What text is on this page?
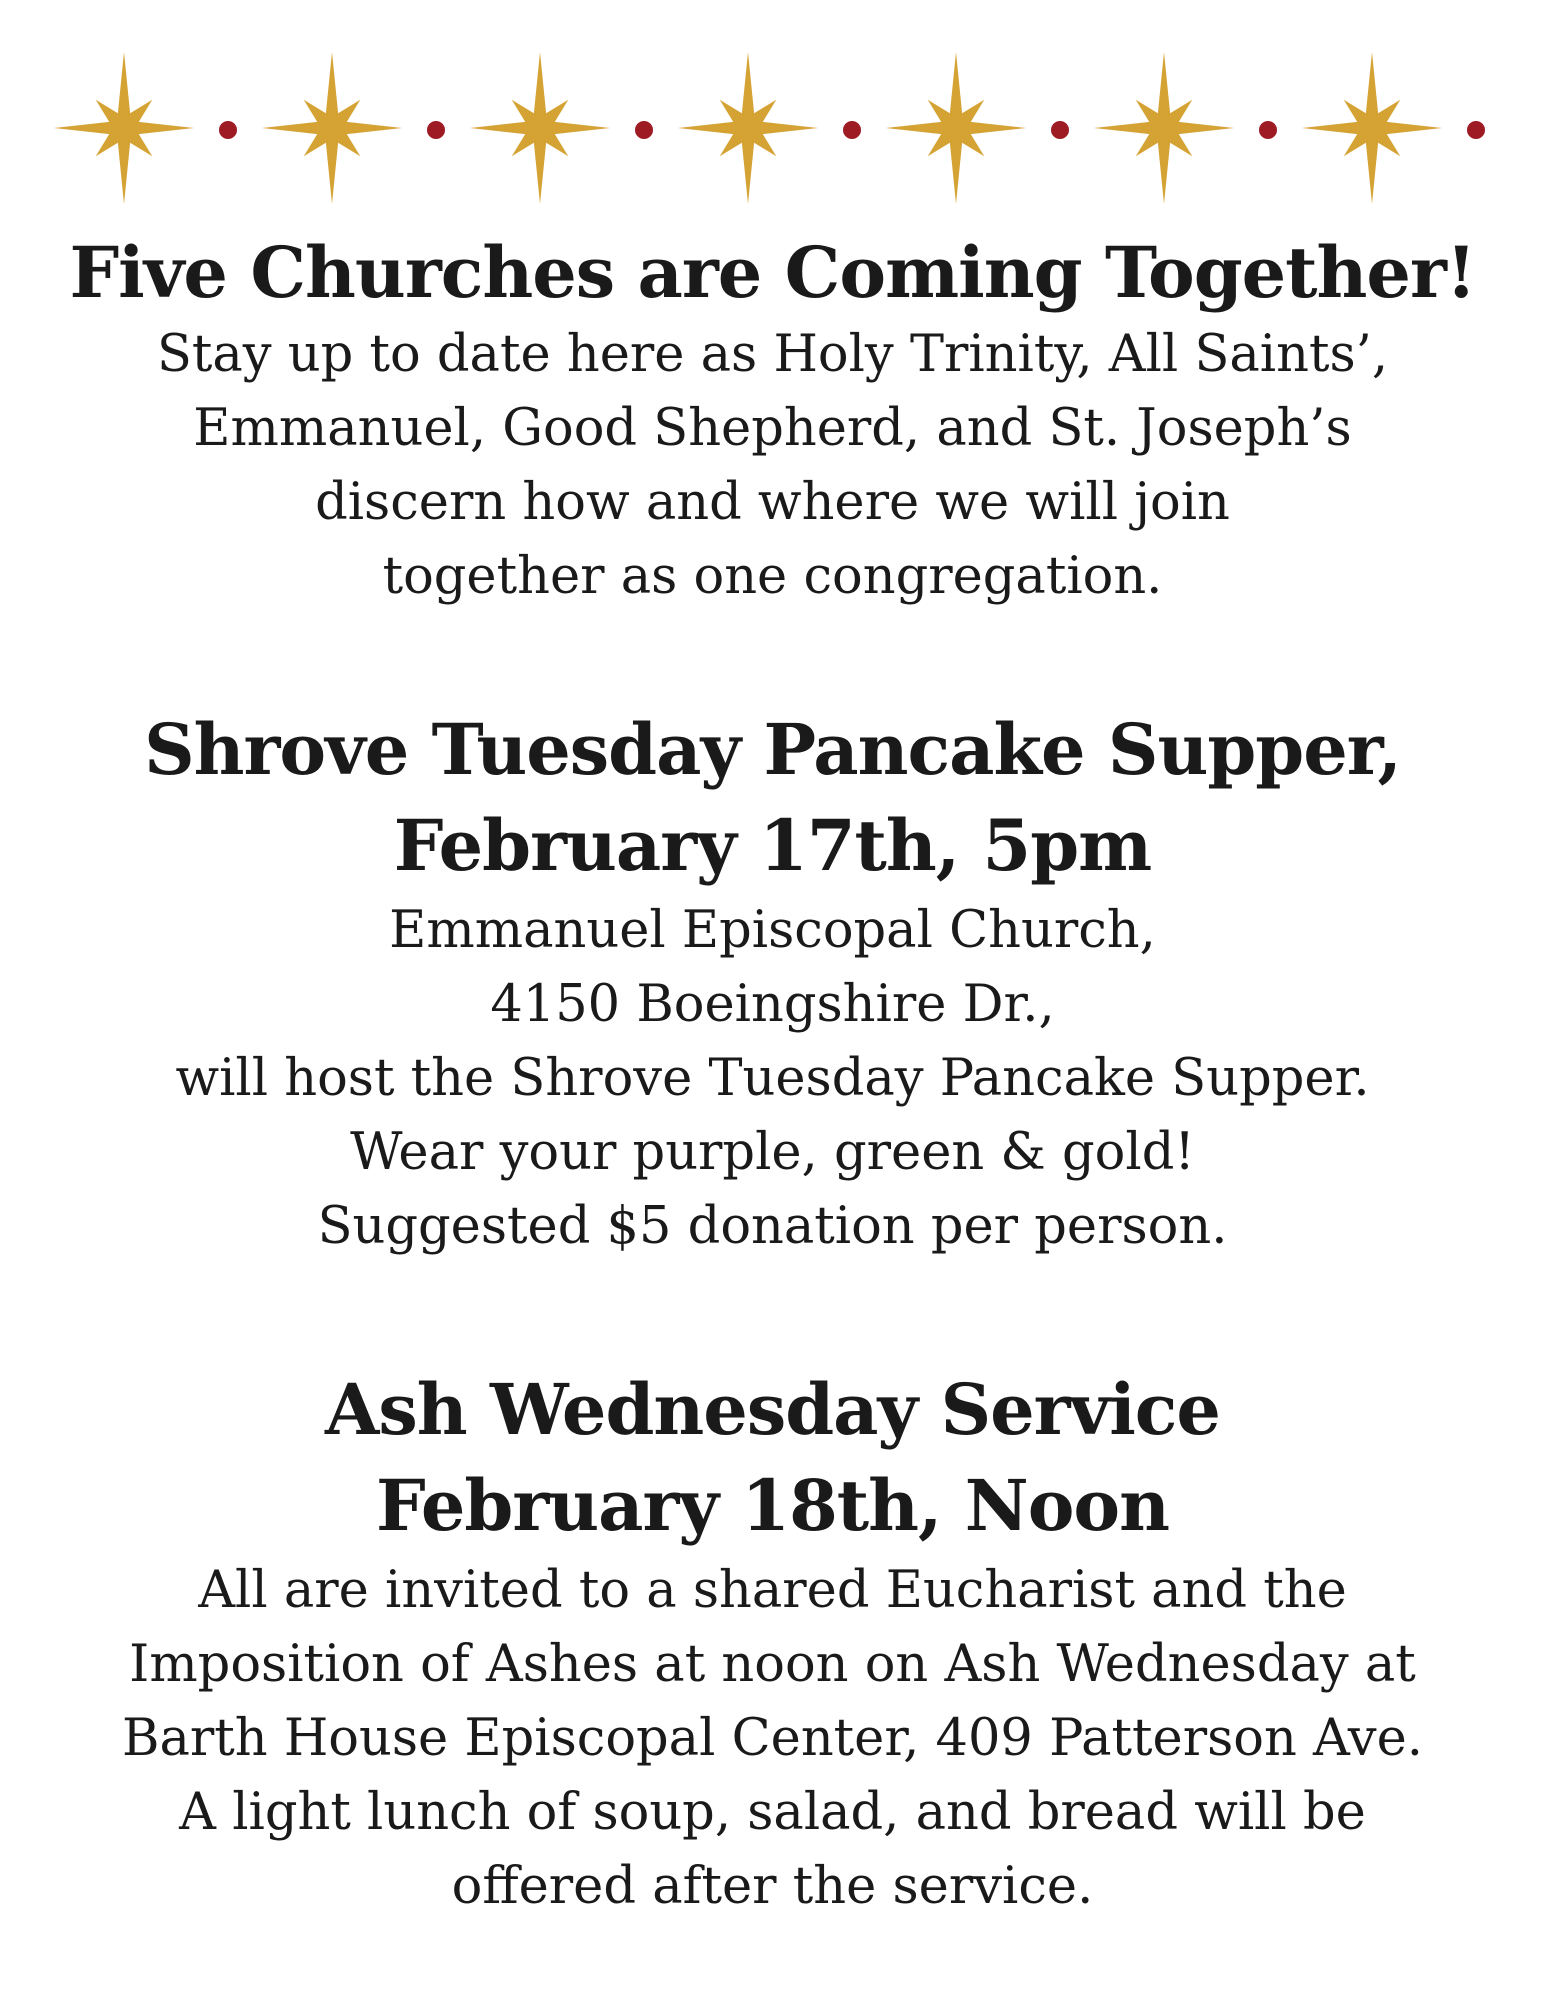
Five Churches are Coming Together!

Stay up to date here as Holy Trinity, All Saints’,

Emmanuel, Good Shepherd, and St. Joseph’s

discern how and where we will join

together as one congregation.

Shrove Tuesday Pancake Supper,

February 17th, 5pm

Emmanuel Episcopal Church,

4150 Boeingshire Dr.,

will host the Shrove Tuesday Pancake Supper.

Wear your purple, green & gold!

Suggested $5 donation per person.

Ash Wednesday Service

February 18th, Noon

All are invited to a shared Eucharist and the

Imposition of Ashes at noon on Ash Wednesday at

Barth House Episcopal Center, 409 Patterson Ave.

A light lunch of soup, salad, and bread will be

offered after the service.
